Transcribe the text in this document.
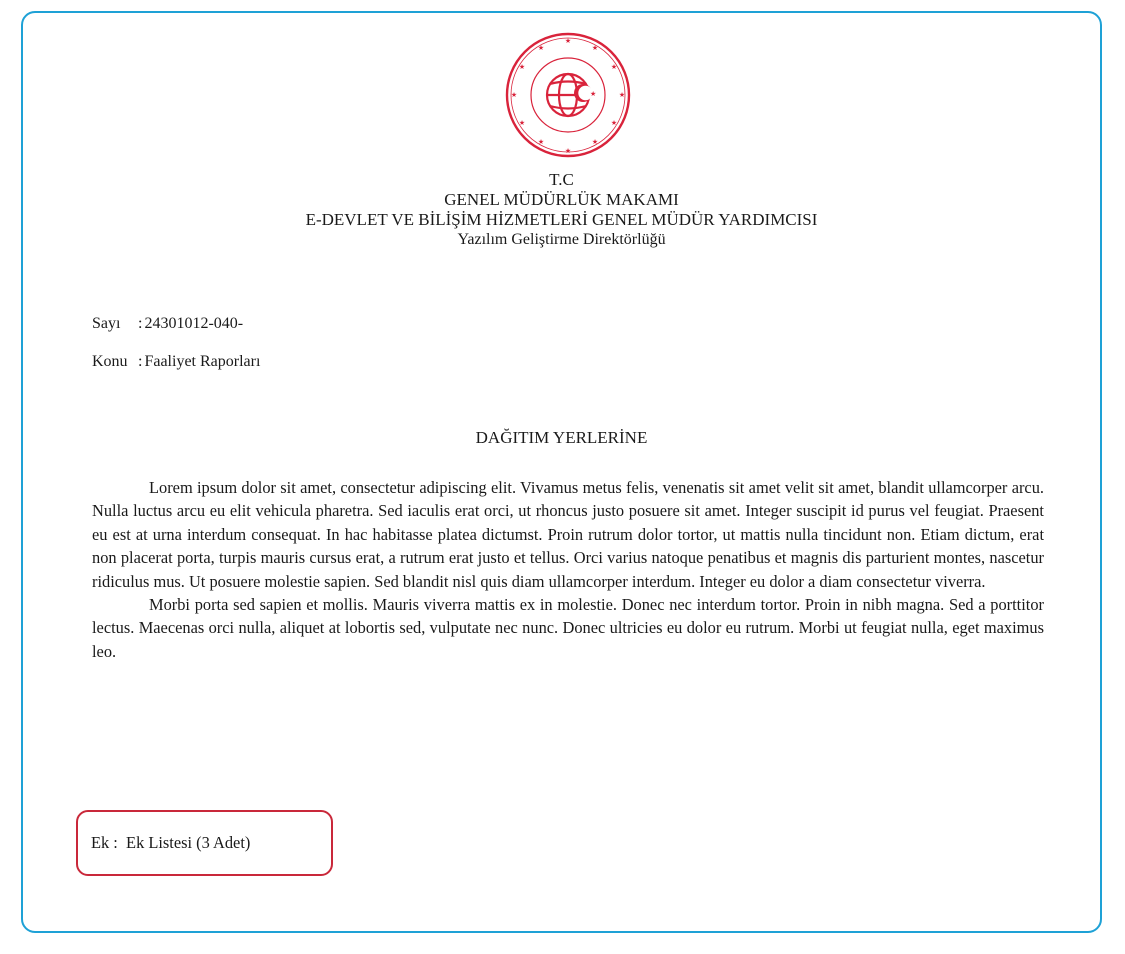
★
★
★
★
★
★
★
★
★
★
★
★
★
T.C
GENEL MÜDÜRLÜK MAKAMI
E-DEVLET VE BİLİŞİM HİZMETLERİ GENEL MÜDÜR YARDIMCISI
Yazılım Geliştirme Direktörlüğü
Sayı	: 24301012-040-
Konu : Faaliyet Raporları
DAĞITIM YERLERİNE

Lorem ipsum dolor sit amet, consectetur adipiscing elit. Vivamus metus felis, venenatis sit amet velit sit amet, blandit ullamcorper arcu. Nulla luctus arcu eu elit vehicula pharetra. Sed iaculis erat orci, ut rhoncus justo posuere sit amet. Integer suscipit id purus vel feugiat. Praesent eu est at urna interdum consequat. In hac habitasse platea dictumst. Proin rutrum dolor tortor, ut mattis nulla tincidunt non. Etiam dictum, erat non placerat porta, turpis mauris cursus erat, a rutrum erat justo et tellus. Orci varius natoque penatibus et magnis dis parturient montes, nascetur ridiculus mus. Ut posuere molestie sapien. Sed blandit nisl quis diam ullamcorper interdum. Integer eu dolor a diam consectetur viverra.

Morbi porta sed sapien et mollis. Mauris viverra mattis ex in molestie. Donec nec interdum tortor. Proin in nibh magna. Sed a porttitor lectus. Maecenas orci nulla, aliquet at lobortis sed, vulputate nec nunc. Donec ultricies eu dolor eu rutrum. Morbi ut feugiat nulla, eget maximus leo.

Ek :  Ek Listesi (3 Adet)
